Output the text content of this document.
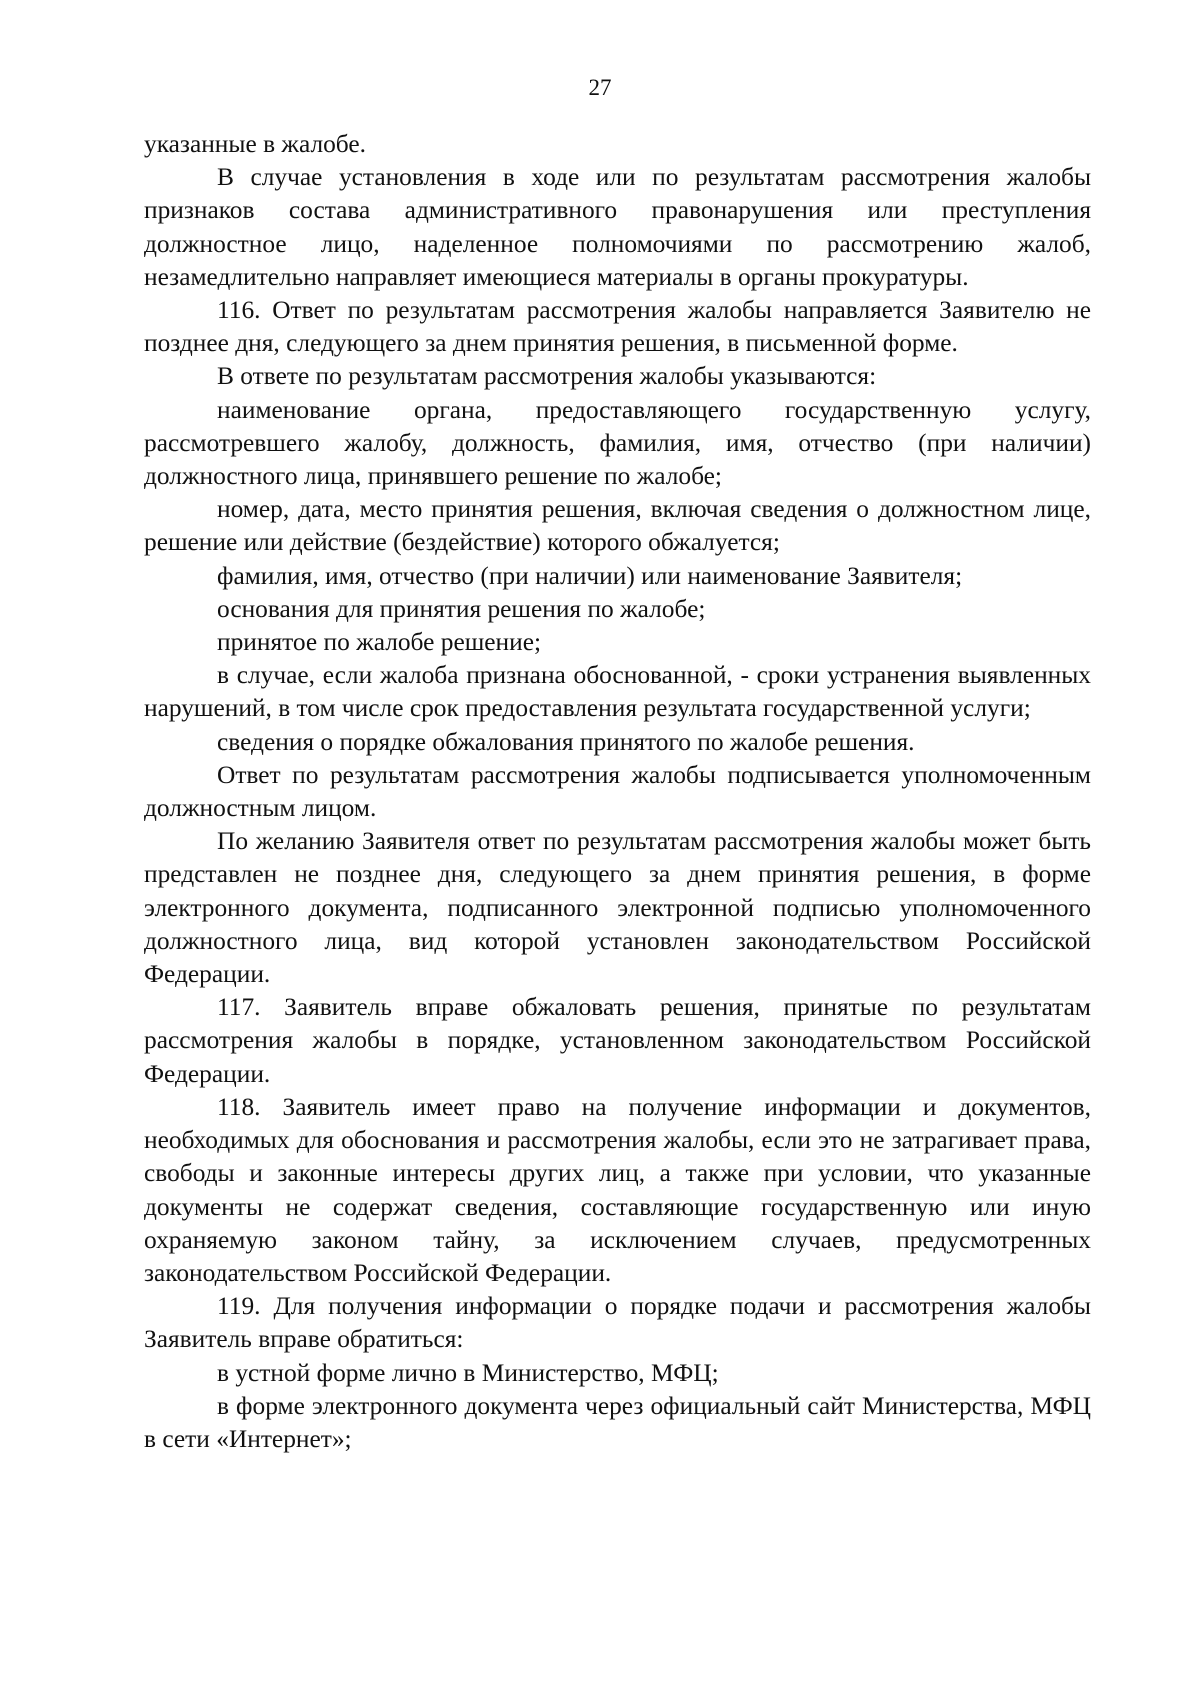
27

указанные в жалобе.

В случае установления в ходе или по результатам рассмотрения жалобы признаков состава административного правонарушения или преступления должностное лицо, наделенное полномочиями по рассмотрению жалоб, незамедлительно направляет имеющиеся материалы в органы прокуратуры.

116. Ответ по результатам рассмотрения жалобы направляется Заявителю не позднее дня, следующего за днем принятия решения, в письменной форме.

В ответе по результатам рассмотрения жалобы указываются:

наименование органа, предоставляющего государственную услугу, рассмотревшего жалобу, должность, фамилия, имя, отчество (при наличии) должностного лица, принявшего решение по жалобе;

номер, дата, место принятия решения, включая сведения о должностном лице, решение или действие (бездействие) которого обжалуется;

фамилия, имя, отчество (при наличии) или наименование Заявителя;

основания для принятия решения по жалобе;

принятое по жалобе решение;

в случае, если жалоба признана обоснованной, - сроки устранения выявленных нарушений, в том числе срок предоставления результата государственной услуги;

сведения о порядке обжалования принятого по жалобе решения.

Ответ по результатам рассмотрения жалобы подписывается уполномоченным должностным лицом.

По желанию Заявителя ответ по результатам рассмотрения жалобы может быть представлен не позднее дня, следующего за днем принятия решения, в форме электронного документа, подписанного электронной подписью уполномоченного должностного лица, вид которой установлен законодательством Российской Федерации.

117. Заявитель вправе обжаловать решения, принятые по результатам рассмотрения жалобы в порядке, установленном законодательством Российской Федерации.

118. Заявитель имеет право на получение информации и документов, необходимых для обоснования и рассмотрения жалобы, если это не затрагивает права, свободы и законные интересы других лиц, а также при условии, что указанные документы не содержат сведения, составляющие государственную или иную охраняемую законом тайну, за исключением случаев, предусмотренных законодательством Российской Федерации.

119. Для получения информации о порядке подачи и рассмотрения жалобы Заявитель вправе обратиться:

в устной форме лично в Министерство, МФЦ;

в форме электронного документа через официальный сайт Министерства, МФЦ в сети «Интернет»;
